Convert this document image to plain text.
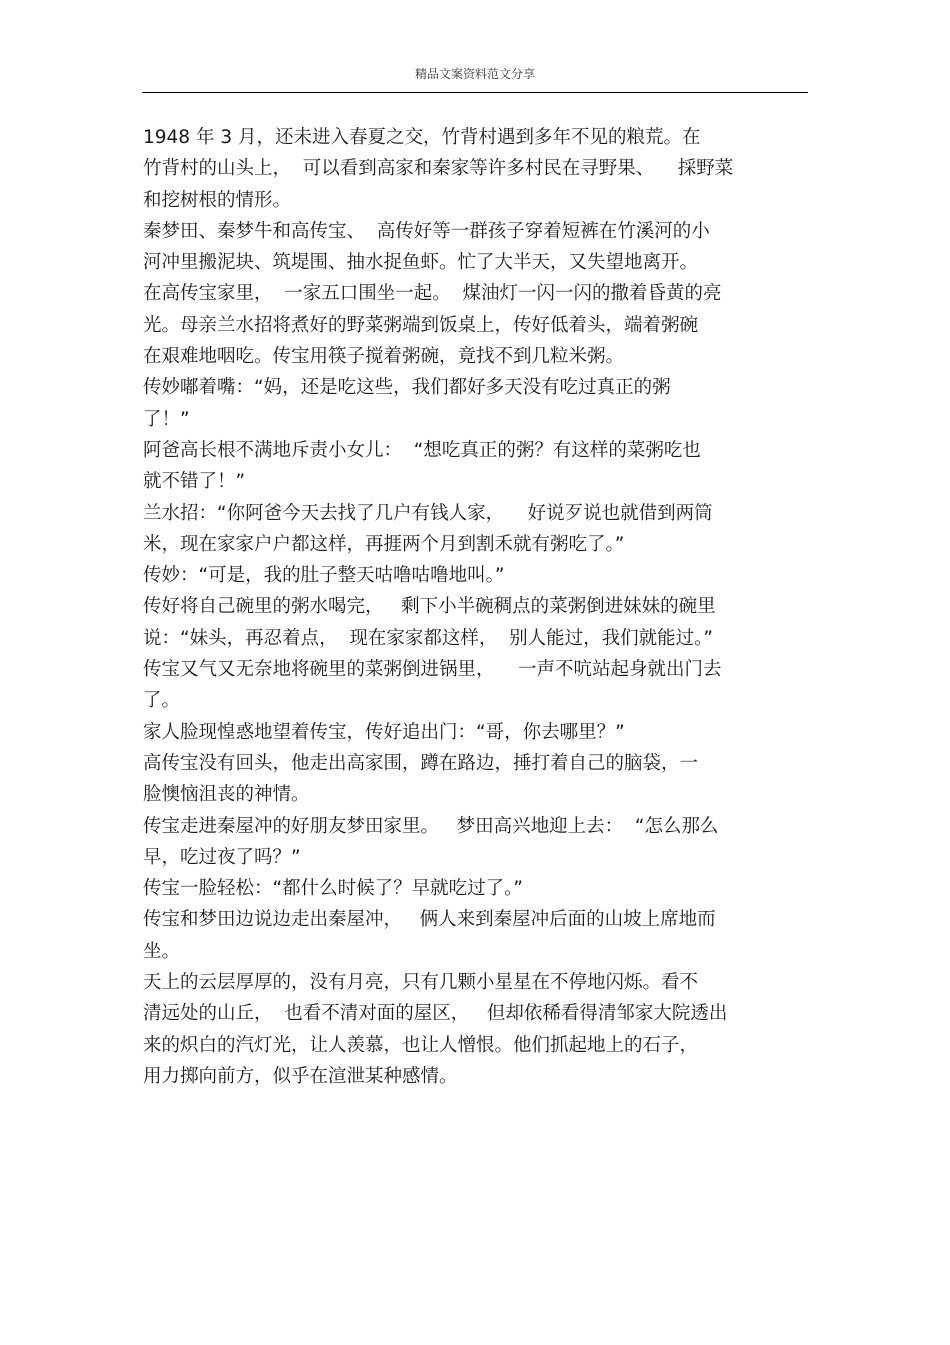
精品文案资料范文分享
1948 年 3 月，还未进入春夏之交，竹背村遇到多年不见的粮荒。在
竹背村的山头上，  可以看到高家和秦家等许多村民在寻野果、    採野菜
和挖树根的情形。
秦梦田、秦梦牛和高传宝、  高传好等一群孩子穿着短裤在竹溪河的小
河冲里搬泥块、筑堤围、抽水捉鱼虾。忙了大半天，又失望地离开。
在高传宝家里，  一家五口围坐一起。  煤油灯一闪一闪的撒着昏黄的亮
光。母亲兰水招将煮好的野菜粥端到饭桌上，传好低着头，端着粥碗
在艰难地咽吃。传宝用筷子搅着粥碗，竟找不到几粒米粥。
传妙嘟着嘴：“妈，还是吃这些，我们都好多天没有吃过真正的粥
了！”
阿爸高长根不满地斥责小女儿：  “想吃真正的粥？有这样的菜粥吃也
就不错了！”
兰水招：“你阿爸今天去找了几户有钱人家，    好说歹说也就借到两筒
米，现在家家户户都这样，再捱两个月到割禾就有粥吃了。”
传妙：“可是，我的肚子整天咕噜咕噜地叫。”
传好将自己碗里的粥水喝完，   剩下小半碗稠点的菜粥倒进妹妹的碗里
说：“妹头，再忍着点，  现在家家都这样，  别人能过，我们就能过。”
传宝又气又无奈地将碗里的菜粥倒进锅里，    一声不吭站起身就出门去
了。
家人脸现惶惑地望着传宝，传好追出门：“哥，你去哪里？”
高传宝没有回头，他走出高家围，蹲在路边，捶打着自己的脑袋，一
脸懊恼沮丧的神情。
传宝走进秦屋冲的好朋友梦田家里。   梦田高兴地迎上去：  “怎么那么
早，吃过夜了吗？”
传宝一脸轻松：“都什么时候了？早就吃过了。”
传宝和梦田边说边走出秦屋冲，   俩人来到秦屋冲后面的山坡上席地而
坐。
天上的云层厚厚的，没有月亮，只有几颗小星星在不停地闪烁。看不
清远处的山丘，  也看不清对面的屋区，   但却依稀看得清邹家大院透出
来的炽白的汽灯光，让人羡慕，也让人憎恨。他们抓起地上的石子，
用力掷向前方，似乎在渲泄某种感情。
